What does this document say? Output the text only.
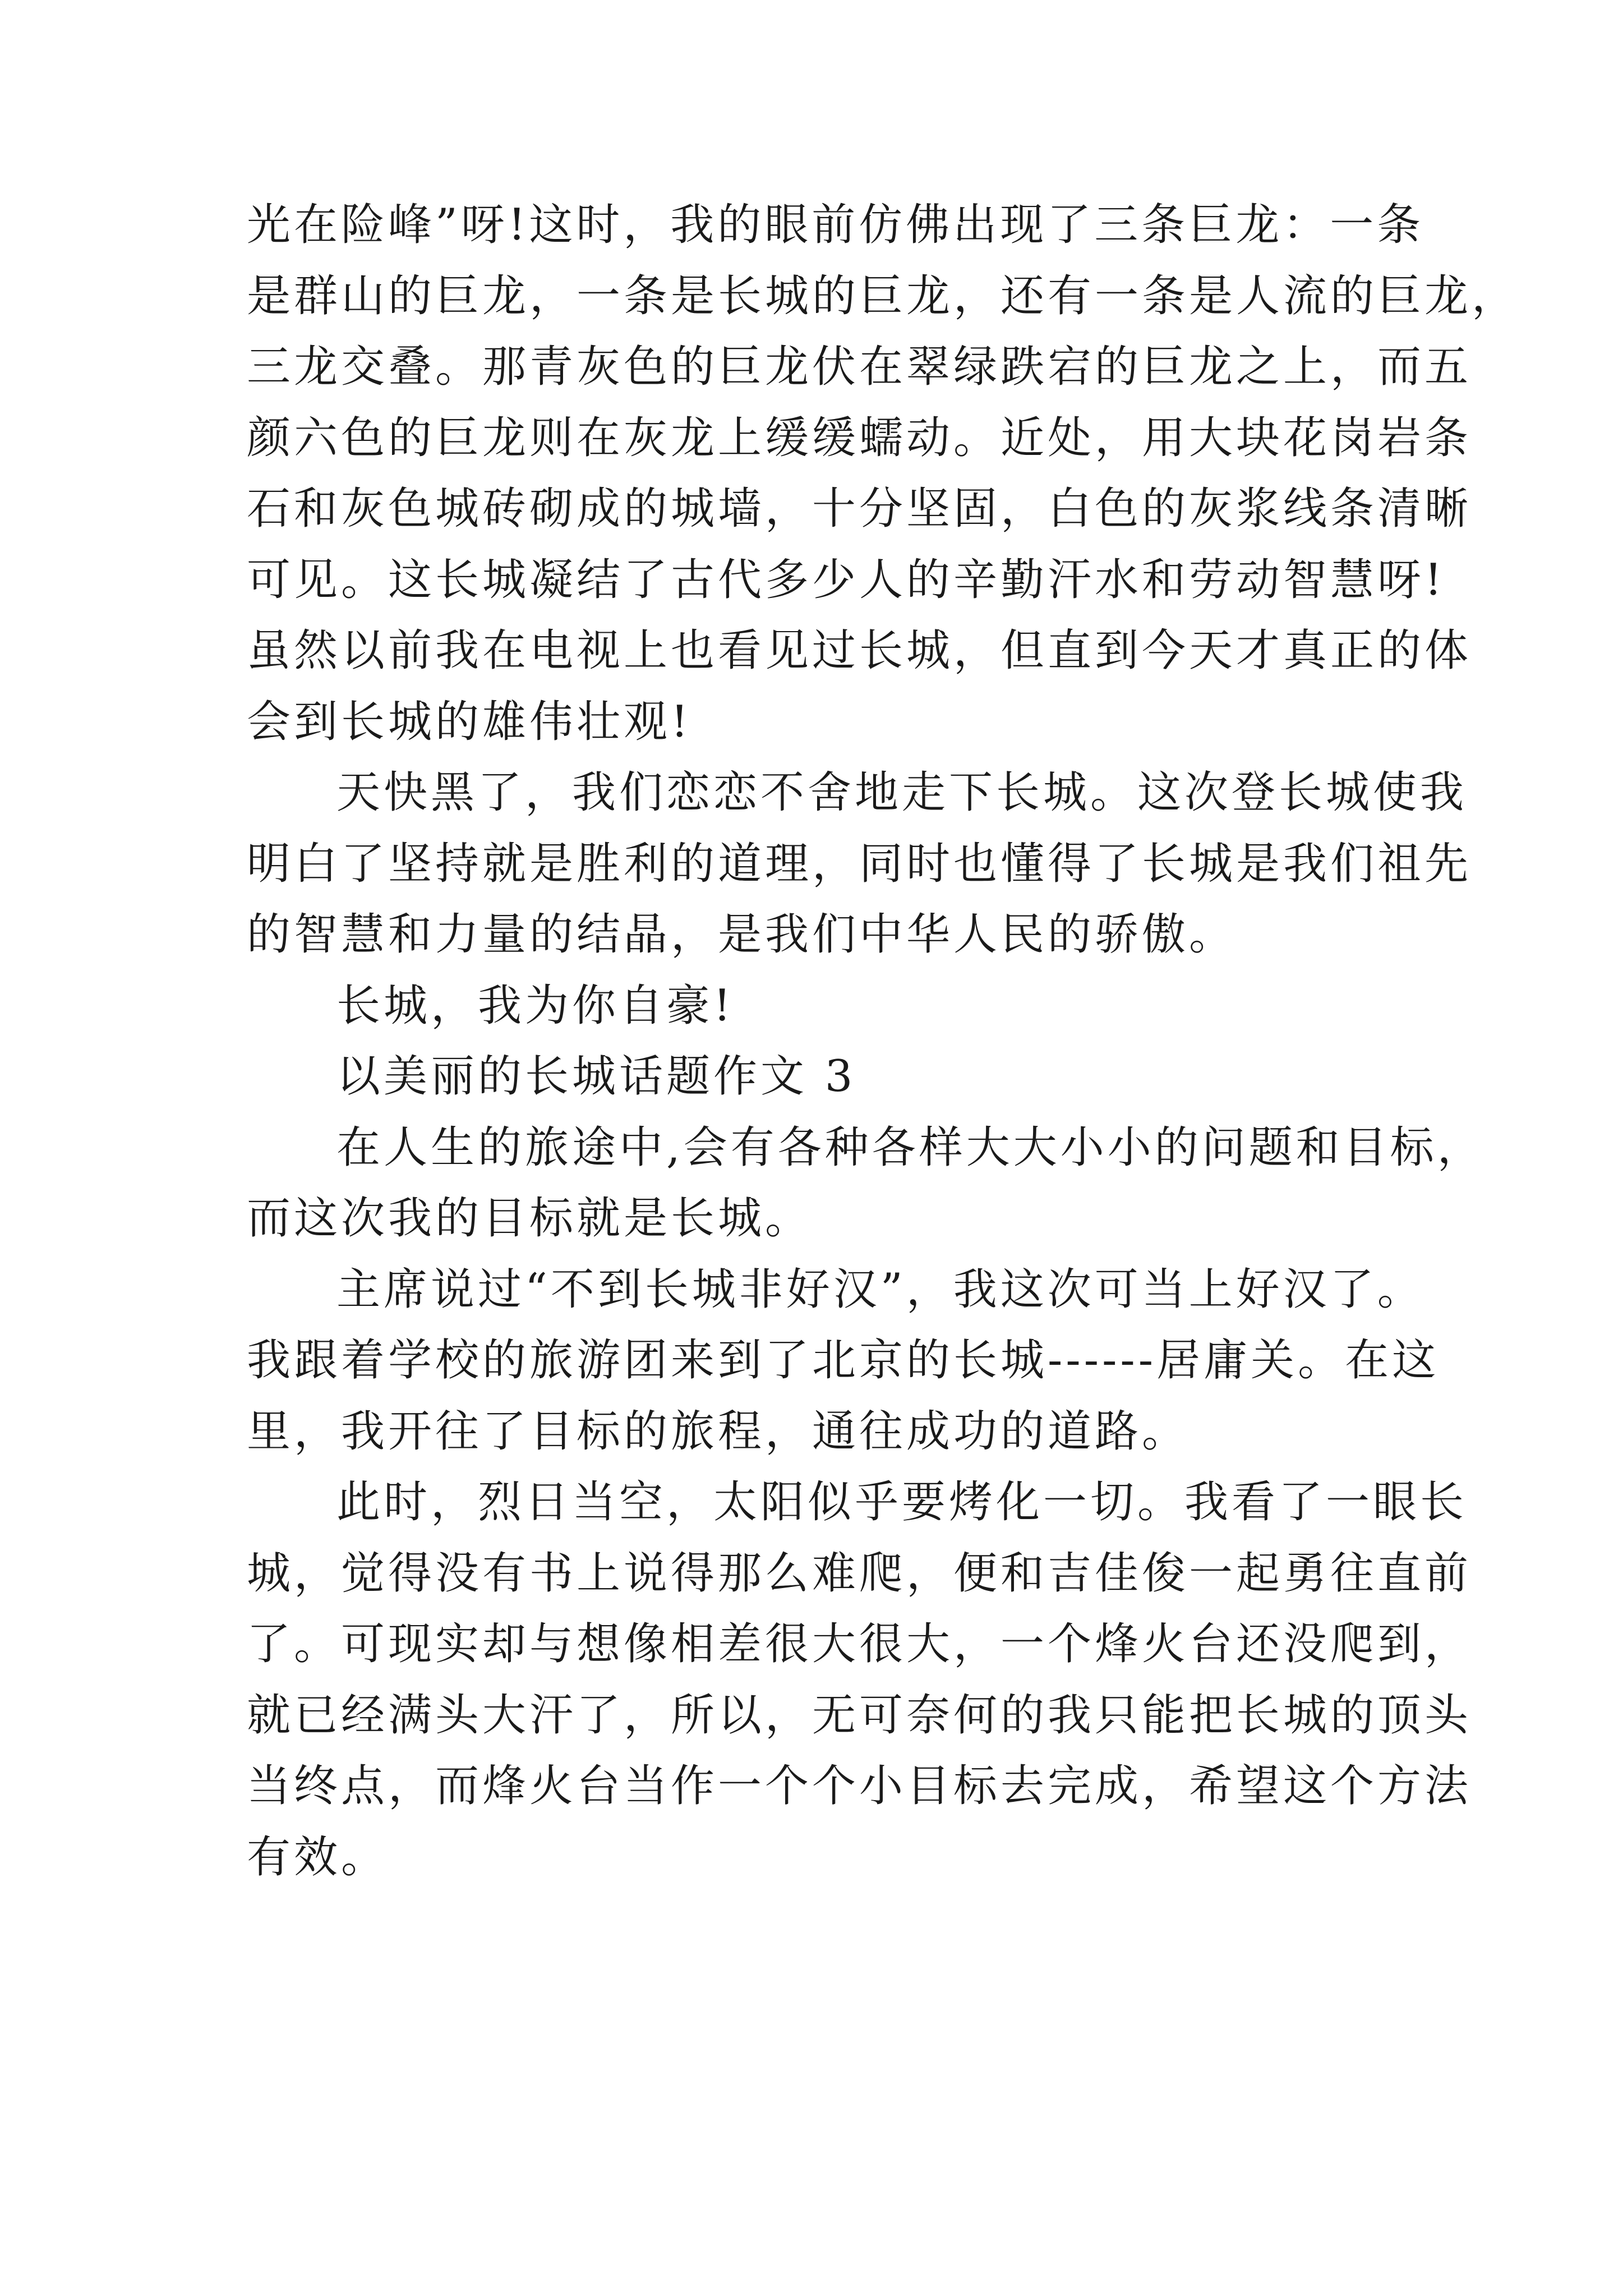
光在险峰”呀!这时，我的眼前仿佛出现了三条巨龙：一条
是群山的巨龙，一条是长城的巨龙，还有一条是人流的巨龙，
三龙交叠。那青灰色的巨龙伏在翠绿跌宕的巨龙之上，而五
颜六色的巨龙则在灰龙上缓缓蠕动。近处，用大块花岗岩条
石和灰色城砖砌成的城墙，十分坚固，白色的灰浆线条清晰
可见。这长城凝结了古代多少人的辛勤汗水和劳动智慧呀!
虽然以前我在电视上也看见过长城，但直到今天才真正的体
会到长城的雄伟壮观!
天快黑了，我们恋恋不舍地走下长城。这次登长城使我
明白了坚持就是胜利的道理，同时也懂得了长城是我们祖先
的智慧和力量的结晶，是我们中华人民的骄傲。
长城，我为你自豪!
以美丽的长城话题作文 3
在人生的旅途中,会有各种各样大大小小的问题和目标，
而这次我的目标就是长城。
主席说过“不到长城非好汉”，我这次可当上好汉了。
我跟着学校的旅游团来到了北京的长城------居庸关。在这
里，我开往了目标的旅程，通往成功的道路。
此时，烈日当空，太阳似乎要烤化一切。我看了一眼长
城，觉得没有书上说得那么难爬，便和吉佳俊一起勇往直前
了。可现实却与想像相差很大很大，一个烽火台还没爬到，
就已经满头大汗了，所以，无可奈何的我只能把长城的顶头
当终点，而烽火台当作一个个小目标去完成，希望这个方法
有效。
